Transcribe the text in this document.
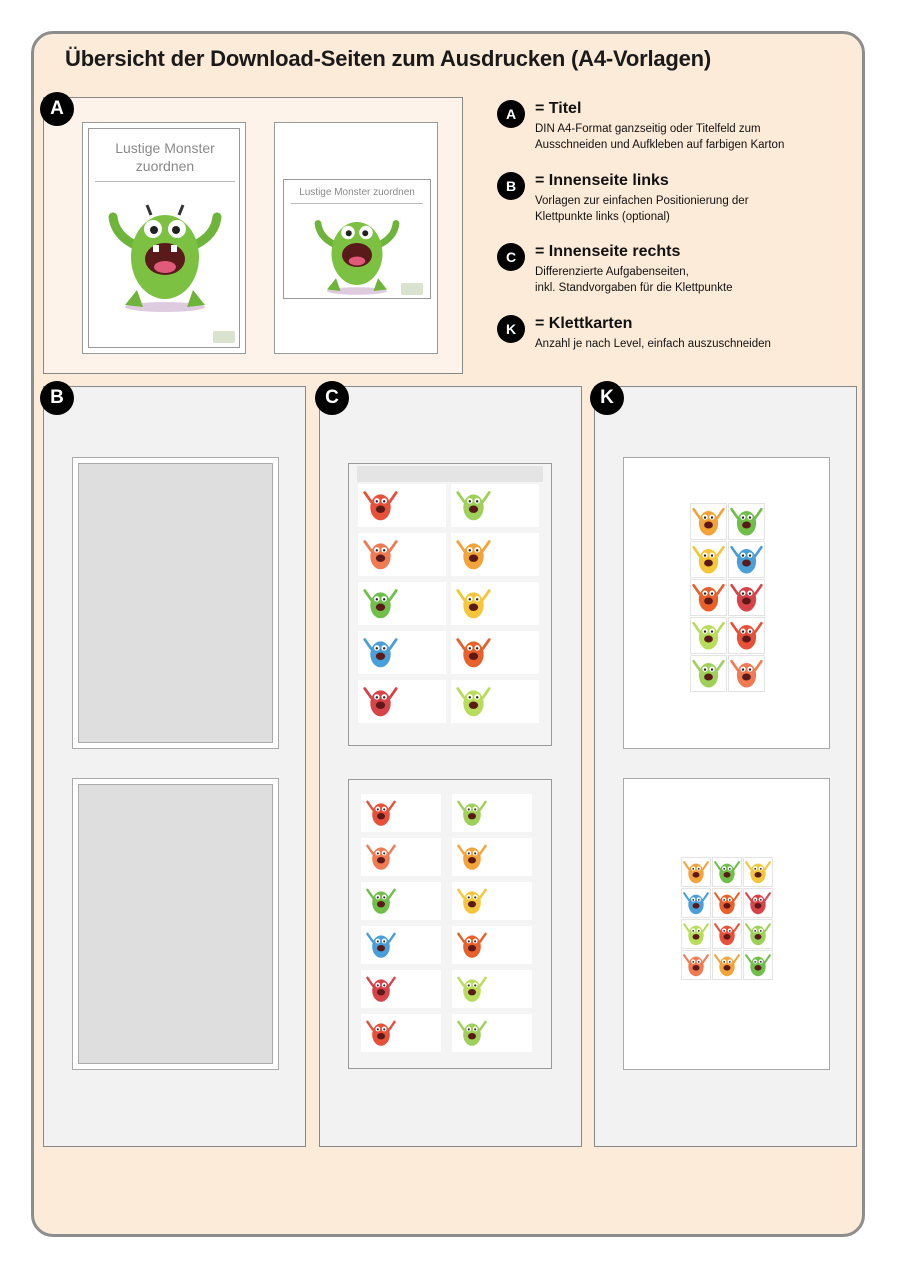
Übersicht der Download-Seiten zum Ausdrucken (A4-Vorlagen)
Lustige Monster zuordnen
Lustige Monster zuordnen
A	A	= Titel
DIN A4-Format ganzseitig oder Titelfeld zum
Ausschneiden und Aufkleben auf farbigen Karton
B	= Innenseite links
Vorlagen zur einfachen Positionierung der
Klettpunkte links (optional)
C	= Innenseite rechts
Differenzierte Aufgabenseiten,
inkl. Standvorgaben für die Klettpunkte
K	= Klettkarten
Anzahl je nach Level, einfach auszuschneiden
B	C	K
